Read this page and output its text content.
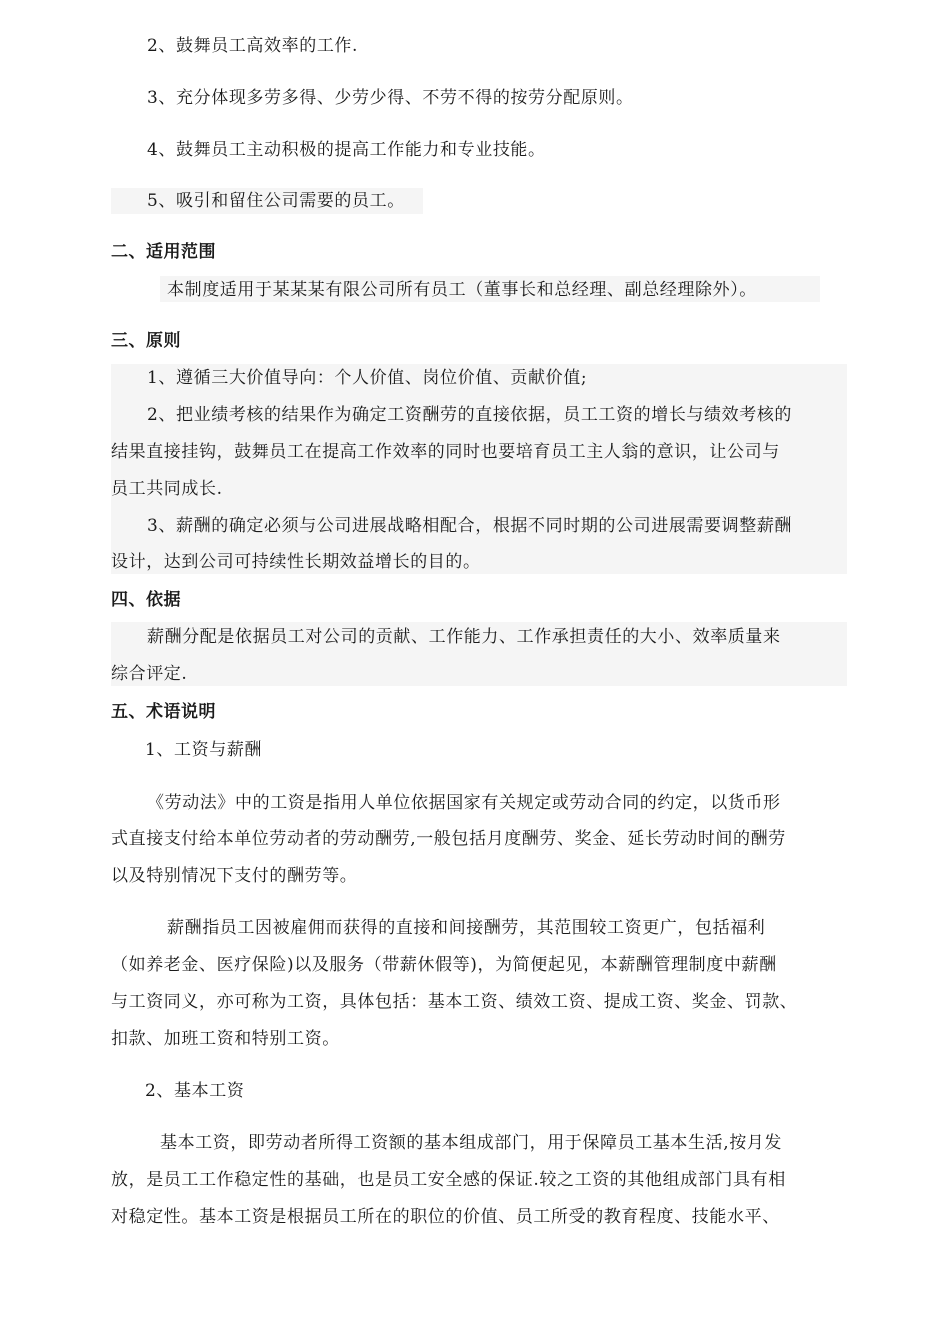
2、鼓舞员工高效率的工作.
3、充分体现多劳多得、少劳少得、不劳不得的按劳分配原则。
4、鼓舞员工主动积极的提高工作能力和专业技能。
5、吸引和留住公司需要的员工。
二、适用范围
本制度适用于某某某有限公司所有员工（董事长和总经理、副总经理除外）。
三、原则
1、遵循三大价值导向：个人价值、岗位价值、贡献价值;
2、把业绩考核的结果作为确定工资酬劳的直接依据，员工工资的增长与绩效考核的
结果直接挂钩，鼓舞员工在提高工作效率的同时也要培育员工主人翁的意识，让公司与
员工共同成长.
3、薪酬的确定必须与公司进展战略相配合，根据不同时期的公司进展需要调整薪酬
设计，达到公司可持续性长期效益增长的目的。
四、依据
薪酬分配是依据员工对公司的贡献、工作能力、工作承担责任的大小、效率质量来
综合评定.
五、术语说明
1、工资与薪酬
《劳动法》中的工资是指用人单位依据国家有关规定或劳动合同的约定，以货币形
式直接支付给本单位劳动者的劳动酬劳,一般包括月度酬劳、奖金、延长劳动时间的酬劳
以及特别情况下支付的酬劳等。
薪酬指员工因被雇佣而获得的直接和间接酬劳，其范围较工资更广，包括福利
（如养老金、医疗保险)以及服务（带薪休假等)，为简便起见，本薪酬管理制度中薪酬
与工资同义，亦可称为工资，具体包括：基本工资、绩效工资、提成工资、奖金、罚款、
扣款、加班工资和特别工资。
2、基本工资
基本工资，即劳动者所得工资额的基本组成部门，用于保障员工基本生活,按月发
放，是员工工作稳定性的基础，也是员工安全感的保证.较之工资的其他组成部门具有相
对稳定性。基本工资是根据员工所在的职位的价值、员工所受的教育程度、技能水平、
